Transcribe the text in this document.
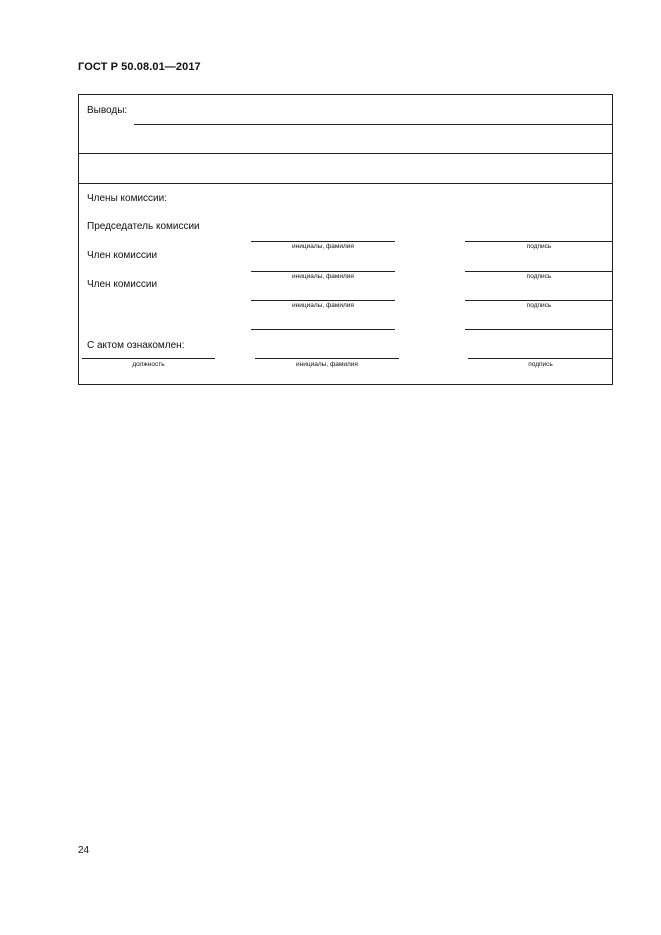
ГОСТ Р 50.08.01—2017
Выводы:
Члены комиссии:
Председатель комиссии
инициалы, фамилия	подпись
Член комиссии
инициалы, фамилия	подпись
Член комиссии
инициалы, фамилия	подпись
С актом ознакомлен:
должность	инициалы, фамилия	подпись
24
